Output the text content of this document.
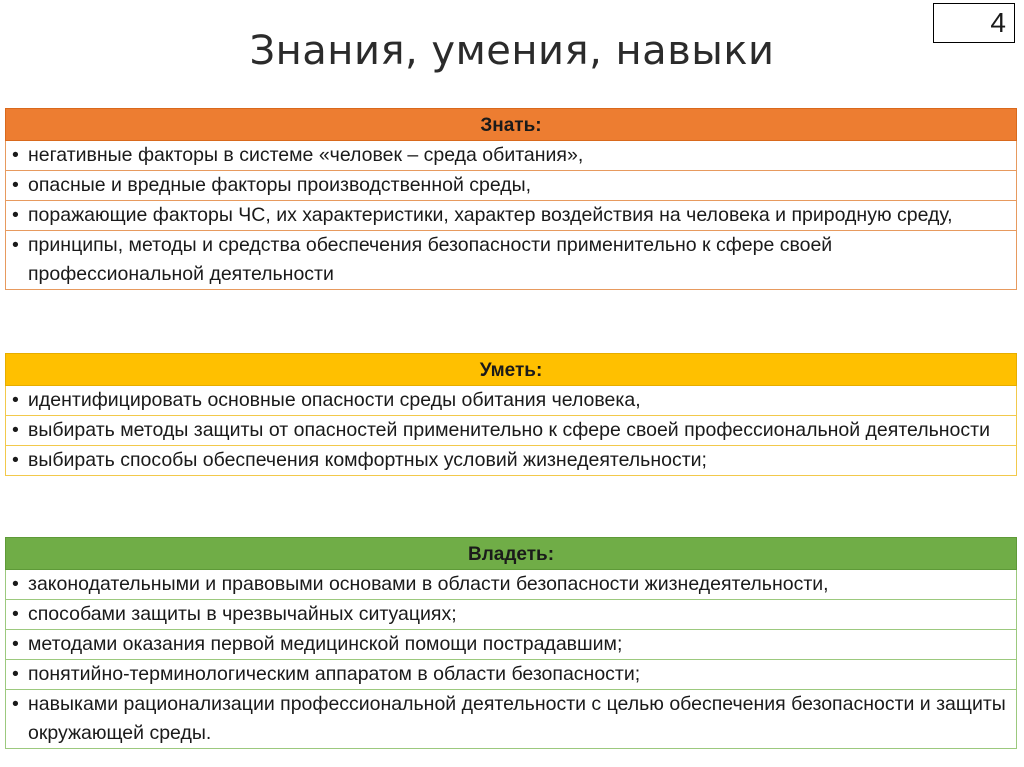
4
Знания, умения, навыки
Знать:
• негативные факторы в системе «человек – среда обитания»,
• опасные и вредные факторы производственной среды,
• поражающие факторы ЧС, их характеристики, характер воздействия на человека и природную среду,
• принципы, методы и средства обеспечения безопасности применительно к сфере своей профессиональной деятельности
Уметь:
• идентифицировать основные опасности среды обитания человека,
• выбирать методы защиты от опасностей применительно к сфере своей профессиональной деятельности
• выбирать способы обеспечения комфортных условий жизнедеятельности;
Владеть:
• законодательными и правовыми основами в области безопасности жизнедеятельности,
• способами защиты в чрезвычайных ситуациях;
• методами оказания первой медицинской помощи пострадавшим;
• понятийно-терминологическим аппаратом в области безопасности;
• навыками рационализации профессиональной деятельности с целью обеспечения безопасности и защиты окружающей среды.
